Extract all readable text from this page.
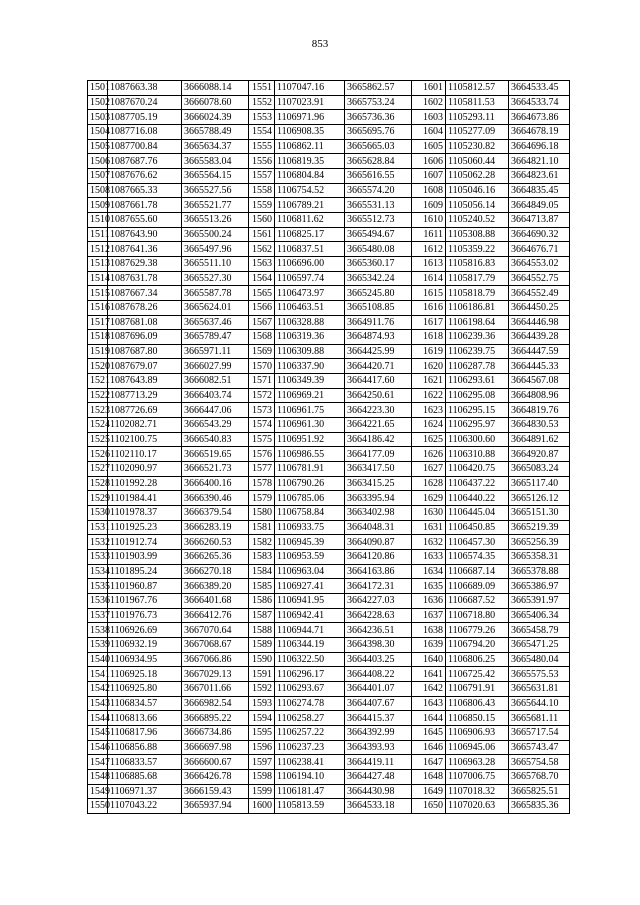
853
1501	1087663.38	3666088.14	1551	1107047.16	3665862.57	1601	1105812.57	3664533.45
1502	1087670.24	3666078.60	1552	1107023.91	3665753.24	1602	1105811.53	3664533.74
1503	1087705.19	3666024.39	1553	1106971.96	3665736.36	1603	1105293.11	3664673.86
1504	1087716.08	3665788.49	1554	1106908.35	3665695.76	1604	1105277.09	3664678.19
1505	1087700.84	3665634.37	1555	1106862.11	3665665.03	1605	1105230.82	3664696.18
1506	1087687.76	3665583.04	1556	1106819.35	3665628.84	1606	1105060.44	3664821.10
1507	1087676.62	3665564.15	1557	1106804.84	3665616.55	1607	1105062.28	3664823.61
1508	1087665.33	3665527.56	1558	1106754.52	3665574.20	1608	1105046.16	3664835.45
1509	1087661.78	3665521.77	1559	1106789.21	3665531.13	1609	1105056.14	3664849.05
1510	1087655.60	3665513.26	1560	1106811.62	3665512.73	1610	1105240.52	3664713.87
1511	1087643.90	3665500.24	1561	1106825.17	3665494.67	1611	1105308.88	3664690.32
1512	1087641.36	3665497.96	1562	1106837.51	3665480.08	1612	1105359.22	3664676.71
1513	1087629.38	3665511.10	1563	1106696.00	3665360.17	1613	1105816.83	3664553.02
1514	1087631.78	3665527.30	1564	1106597.74	3665342.24	1614	1105817.79	3664552.75
1515	1087667.34	3665587.78	1565	1106473.97	3665245.80	1615	1105818.79	3664552.49
1516	1087678.26	3665624.01	1566	1106463.51	3665108.85	1616	1106186.81	3664450.25
1517	1087681.08	3665637.46	1567	1106328.88	3664911.76	1617	1106198.64	3664446.98
1518	1087696.09	3665789.47	1568	1106319.36	3664874.93	1618	1106239.36	3664439.28
1519	1087687.80	3665971.11	1569	1106309.88	3664425.99	1619	1106239.75	3664447.59
1520	1087679.07	3666027.99	1570	1106337.90	3664420.71	1620	1106287.78	3664445.33
1521	1087643.89	3666082.51	1571	1106349.39	3664417.60	1621	1106293.61	3664567.08
1522	1087713.29	3666403.74	1572	1106969.21	3664250.61	1622	1106295.08	3664808.96
1523	1087726.69	3666447.06	1573	1106961.75	3664223.30	1623	1106295.15	3664819.76
1524	1102082.71	3666543.29	1574	1106961.30	3664221.65	1624	1106295.97	3664830.53
1525	1102100.75	3666540.83	1575	1106951.92	3664186.42	1625	1106300.60	3664891.62
1526	1102110.17	3666519.65	1576	1106986.55	3664177.09	1626	1106310.88	3664920.87
1527	1102090.97	3666521.73	1577	1106781.91	3663417.50	1627	1106420.75	3665083.24
1528	1101992.28	3666400.16	1578	1106790.26	3663415.25	1628	1106437.22	3665117.40
1529	1101984.41	3666390.46	1579	1106785.06	3663395.94	1629	1106440.22	3665126.12
1530	1101978.37	3666379.54	1580	1106758.84	3663402.98	1630	1106445.04	3665151.30
1531	1101925.23	3666283.19	1581	1106933.75	3664048.31	1631	1106450.85	3665219.39
1532	1101912.74	3666260.53	1582	1106945.39	3664090.87	1632	1106457.30	3665256.39
1533	1101903.99	3666265.36	1583	1106953.59	3664120.86	1633	1106574.35	3665358.31
1534	1101895.24	3666270.18	1584	1106963.04	3664163.86	1634	1106687.14	3665378.88
1535	1101960.87	3666389.20	1585	1106927.41	3664172.31	1635	1106689.09	3665386.97
1536	1101967.76	3666401.68	1586	1106941.95	3664227.03	1636	1106687.52	3665391.97
1537	1101976.73	3666412.76	1587	1106942.41	3664228.63	1637	1106718.80	3665406.34
1538	1106926.69	3667070.64	1588	1106944.71	3664236.51	1638	1106779.26	3665458.79
1539	1106932.19	3667068.67	1589	1106344.19	3664398.30	1639	1106794.20	3665471.25
1540	1106934.95	3667066.86	1590	1106322.50	3664403.25	1640	1106806.25	3665480.04
1541	1106925.18	3667029.13	1591	1106296.17	3664408.22	1641	1106725.42	3665575.53
1542	1106925.80	3667011.66	1592	1106293.67	3664401.07	1642	1106791.91	3665631.81
1543	1106834.57	3666982.54	1593	1106274.78	3664407.67	1643	1106806.43	3665644.10
1544	1106813.66	3666895.22	1594	1106258.27	3664415.37	1644	1106850.15	3665681.11
1545	1106817.96	3666734.86	1595	1106257.22	3664392.99	1645	1106906.93	3665717.54
1546	1106856.88	3666697.98	1596	1106237.23	3664393.93	1646	1106945.06	3665743.47
1547	1106833.57	3666600.67	1597	1106238.41	3664419.11	1647	1106963.28	3665754.58
1548	1106885.68	3666426.78	1598	1106194.10	3664427.48	1648	1107006.75	3665768.70
1549	1106971.37	3666159.43	1599	1106181.47	3664430.98	1649	1107018.32	3665825.51
1550	1107043.22	3665937.94	1600	1105813.59	3664533.18	1650	1107020.63	3665835.36
